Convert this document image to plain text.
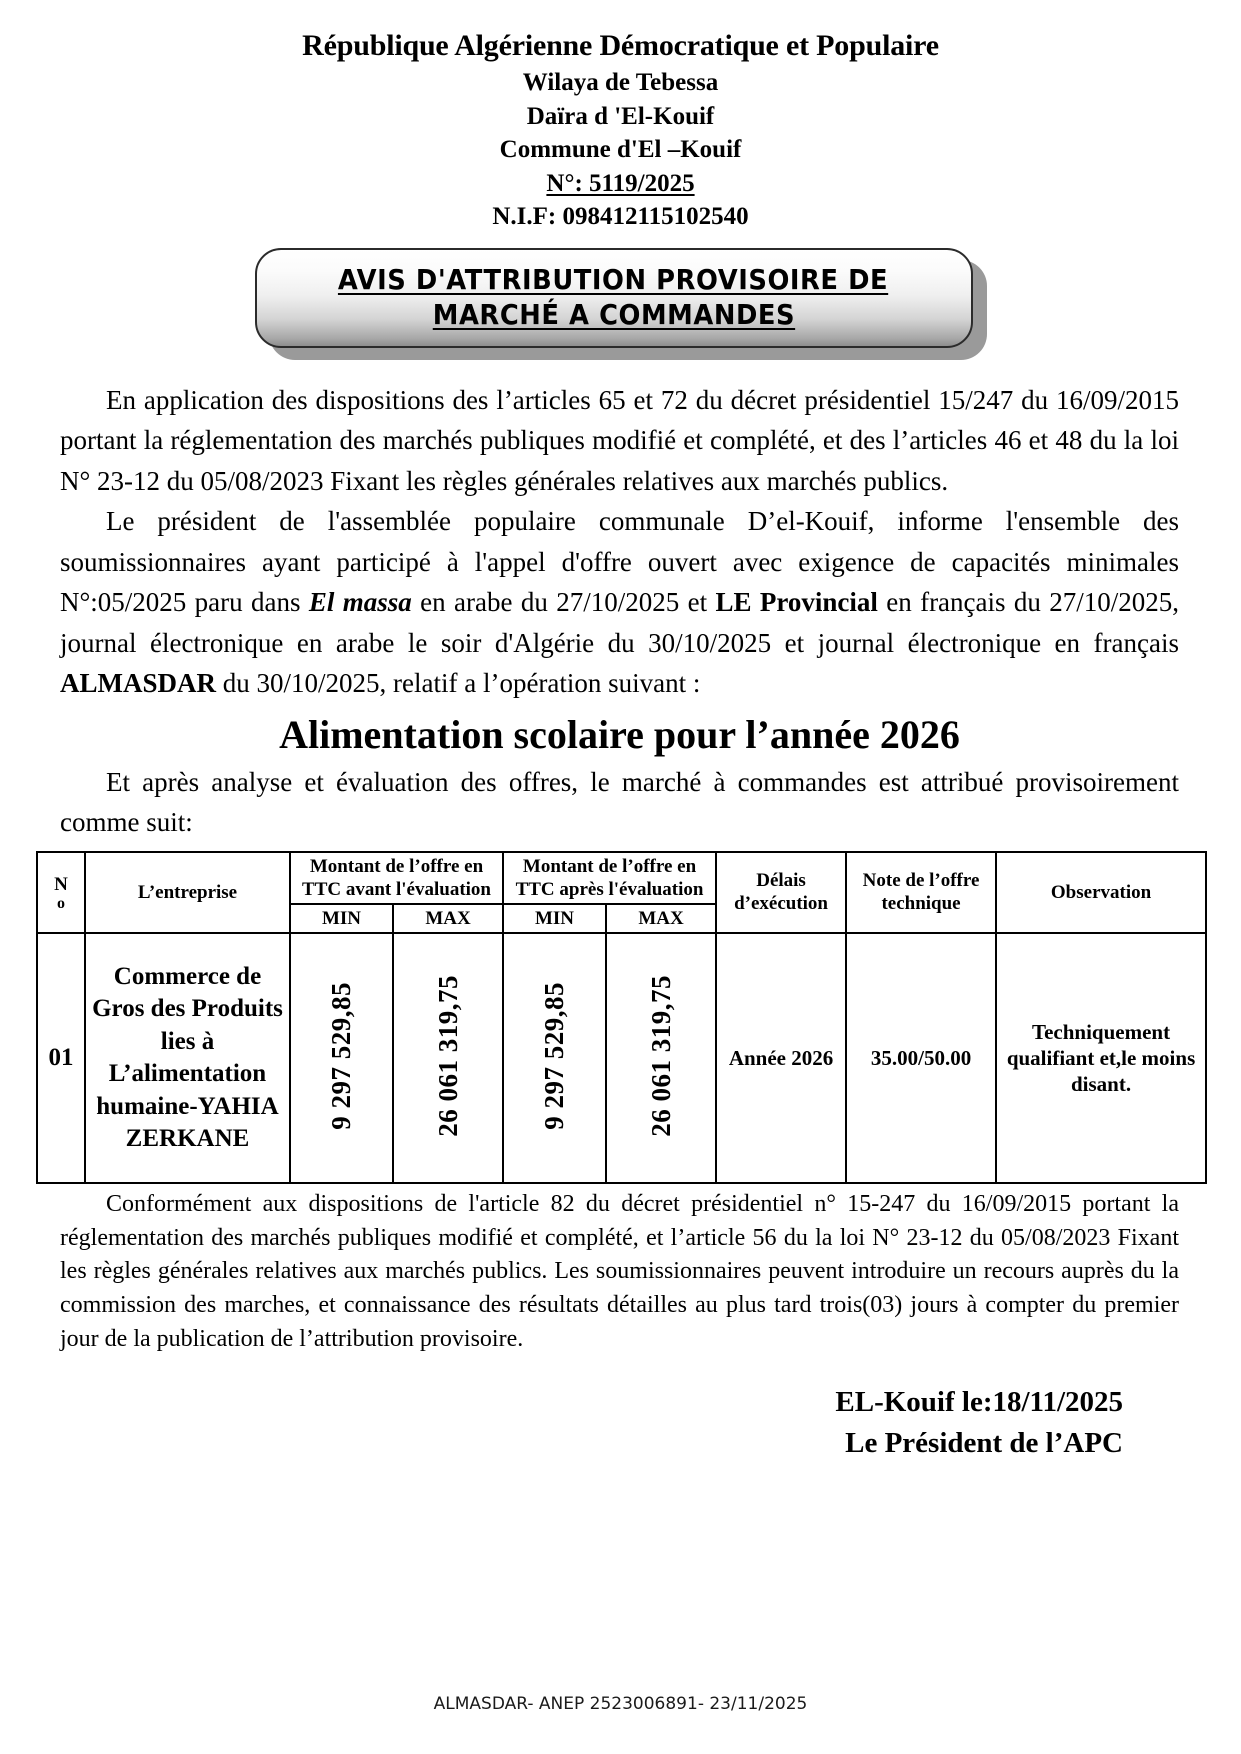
République Algérienne Démocratique et Populaire
Wilaya de Tebessa
Daïra d 'El-Kouif
Commune d'El –Kouif
N°: 5119/2025
N.I.F: 098412115102540
AVIS D'ATTRIBUTION PROVISOIRE DE
MARCHÉ A COMMANDES

En application des dispositions des l’articles 65 et 72 du décret présidentiel 15/247 du 16/09/2015 portant la réglementation des marchés publiques modifié et complété, et des l’articles 46 et 48 du la loi N° 23-12 du 05/08/2023 Fixant les règles générales relatives aux marchés publics.

Le président de l'assemblée populaire communale D’el-Kouif, informe l'ensemble des soumissionnaires ayant participé à l'appel d'offre ouvert avec exigence de capacités minimales N°:05/2025 paru dans El massa en arabe du 27/10/2025 et LE Provincial en français du 27/10/2025, journal électronique en arabe le soir d'Algérie du 30/10/2025 et journal électronique en français ALMASDAR du 30/10/2025, relatif a l’opération suivant :

Alimentation scolaire pour l’année 2026

Et après analyse et évaluation des offres, le marché à commandes est attribué provisoirement comme suit:

N
o	L’entreprise	Montant de l’offre en TTC avant l'évaluation		Montant de l’offre en TTC après l'évaluation		Délais d’exécution	Note de l’offre technique	Observation
		MIN	MAX	MIN	MAX			
01	Commerce de Gros des Produits lies à L’alimentation humaine-YAHIA ZERKANE	9 297 529,85	26 061 319,75	9 297 529,85	26 061 319,75	Année 2026	35.00/50.00	Techniquement qualifiant et,le moins disant.

Conformément aux dispositions de l'article 82 du décret présidentiel n° 15-247 du 16/09/2015 portant la réglementation des marchés publiques modifié et complété, et l’article 56 du la loi N° 23-12 du 05/08/2023 Fixant les règles générales relatives aux marchés publics. Les soumissionnaires peuvent introduire un recours auprès du la commission des marches, et connaissance des résultats détailles au plus tard trois(03) jours à compter du premier jour de la publication de l’attribution provisoire.

EL-Kouif le:18/11/2025
Le Président de l’APC
ALMASDAR- ANEP 2523006891- 23/11/2025
